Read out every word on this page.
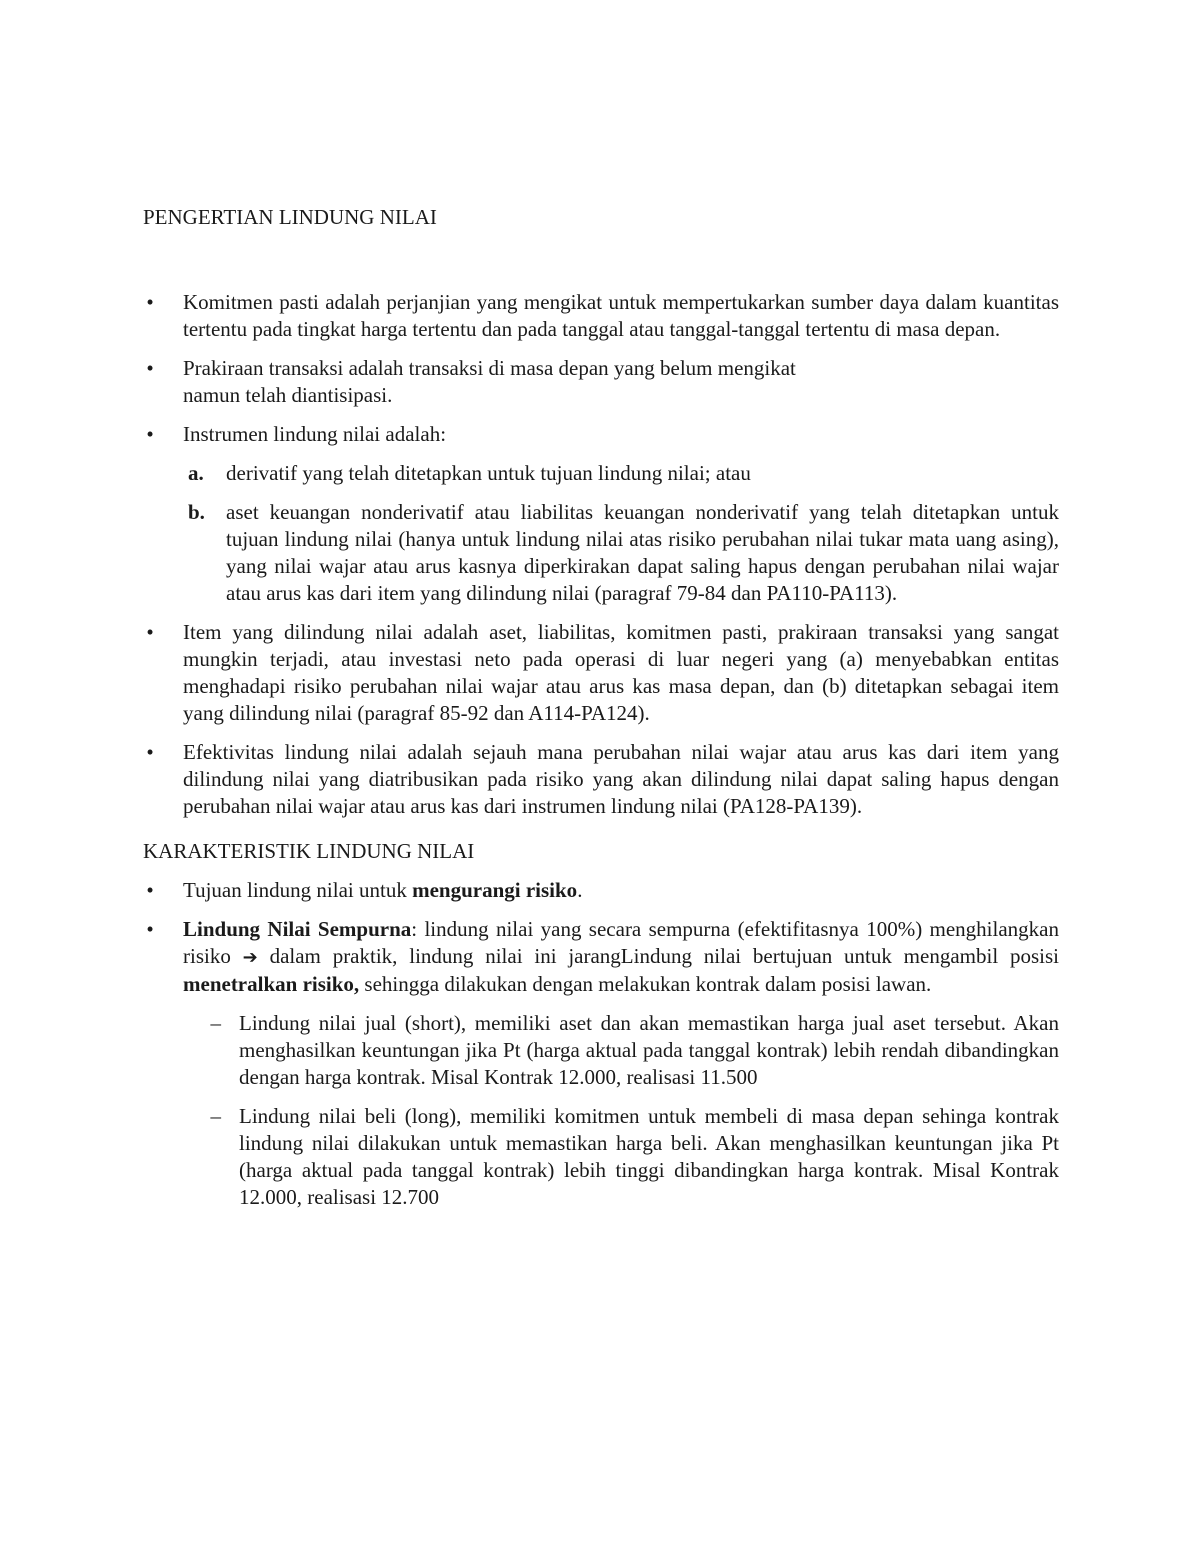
PENGERTIAN LINDUNG NILAI
• Komitmen pasti adalah perjanjian yang mengikat untuk mempertukarkan sumber daya dalam kuantitas tertentu pada tingkat harga tertentu dan pada tanggal atau tanggal-tanggal tertentu di masa depan.
• Prakiraan transaksi adalah transaksi di masa depan yang belum mengikat
namun telah diantisipasi.
• Instrumen lindung nilai adalah:
a. derivatif yang telah ditetapkan untuk tujuan lindung nilai; atau
b. aset keuangan nonderivatif atau liabilitas keuangan nonderivatif yang telah ditetapkan untuk tujuan lindung nilai (hanya untuk lindung nilai atas risiko perubahan nilai tukar mata uang asing), yang nilai wajar atau arus kasnya diperkirakan dapat saling hapus dengan perubahan nilai wajar atau arus kas dari item yang dilindung nilai (paragraf 79-84 dan PA110-PA113).
• Item yang dilindung nilai adalah aset, liabilitas, komitmen pasti, prakiraan transaksi yang sangat mungkin terjadi, atau investasi neto pada operasi di luar negeri yang (a) menyebabkan entitas menghadapi risiko perubahan nilai wajar atau arus kas masa depan, dan (b) ditetapkan sebagai item yang dilindung nilai (paragraf 85-92 dan A114-PA124).
• Efektivitas lindung nilai adalah sejauh mana perubahan nilai wajar atau arus kas dari item yang dilindung nilai yang diatribusikan pada risiko yang akan dilindung nilai dapat saling hapus dengan perubahan nilai wajar atau arus kas dari instrumen lindung nilai (PA128-PA139).
KARAKTERISTIK LINDUNG NILAI
• Tujuan lindung nilai untuk mengurangi risiko.
• Lindung Nilai Sempurna: lindung nilai yang secara sempurna (efektifitasnya 100%) menghilangkan risiko ➔ dalam praktik, lindung nilai ini jarangLindung nilai bertujuan untuk mengambil posisi menetralkan risiko, sehingga dilakukan dengan melakukan kontrak dalam posisi lawan.
– Lindung nilai jual (short), memiliki aset dan akan memastikan harga jual aset tersebut. Akan menghasilkan keuntungan jika Pt (harga aktual pada tanggal kontrak) lebih rendah dibandingkan dengan harga kontrak. Misal Kontrak 12.000, realisasi 11.500
– Lindung nilai beli (long), memiliki komitmen untuk membeli di masa depan sehinga kontrak lindung nilai dilakukan untuk memastikan harga beli. Akan menghasilkan keuntungan jika Pt (harga aktual pada tanggal kontrak) lebih tinggi dibandingkan harga kontrak. Misal Kontrak 12.000, realisasi 12.700
